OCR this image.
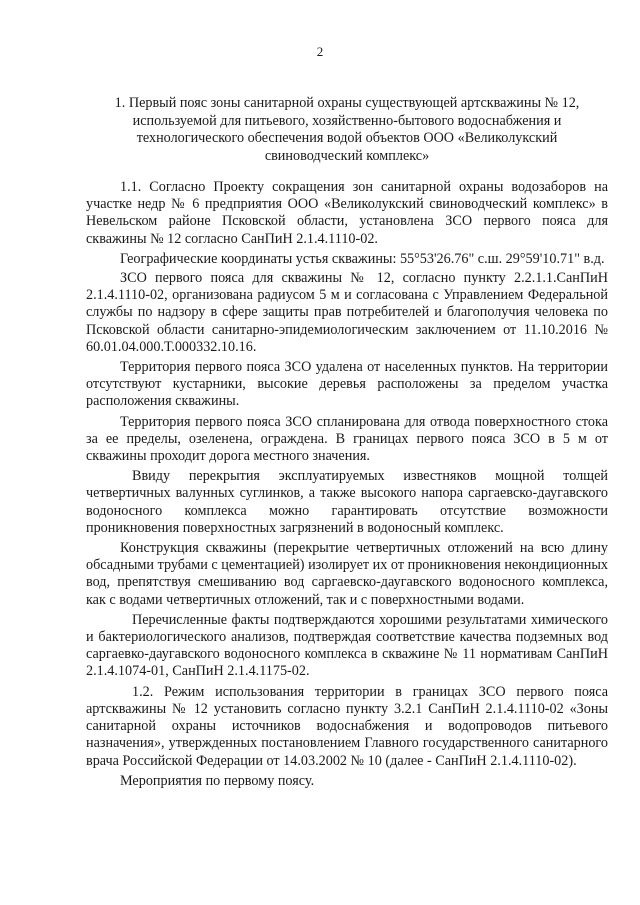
2

1. Первый пояс зоны санитарной охраны существующей артскважины № 12, используемой для питьевого, хозяйственно-бытового водоснабжения и технологического обеспечения водой объектов ООО «Великолукский свиноводческий комплекс»

1.1. Согласно Проекту сокращения зон санитарной охраны водозаборов на участке недр № 6 предприятия ООО «Великолукский свиноводческий комплекс» в Невельском районе Псковской области, установлена ЗСО первого пояса для скважины № 12 согласно СанПиН 2.1.4.1110-02.

Географические координаты устья скважины: 55°53'26.76" с.ш. 29°59'10.71" в.д.

ЗСО первого пояса для скважины № 12, согласно пункту 2.2.1.1.СанПиН 2.1.4.1110-02, организована радиусом 5 м и согласована с Управлением Федеральной службы по надзору в сфере защиты прав потребителей и благополучия человека по Псковской области санитарно-эпидемиологическим заключением от 11.10.2016 № 60.01.04.000.Т.000332.10.16.

Территория первого пояса ЗСО удалена от населенных пунктов. На территории отсутствуют кустарники, высокие деревья расположены за пределом участка расположения скважины.

Территория первого пояса ЗСО спланирована для отвода поверхностного стока за ее пределы, озеленена, ограждена. В границах первого пояса ЗСО в 5 м от скважины проходит дорога местного значения.

Ввиду перекрытия эксплуатируемых известняков мощной толщей четвертичных валунных суглинков, а также высокого напора саргаевско-даугавского водоносного комплекса можно гарантировать отсутствие возможности проникновения поверхностных загрязнений в водоносный комплекс.

Конструкция скважины (перекрытие четвертичных отложений на всю длину обсадными трубами с цементацией) изолирует их от проникновения некондиционных вод, препятствуя смешиванию вод саргаевско-даугавского водоносного комплекса, как с водами четвертичных отложений, так и с поверхностными водами.

Перечисленные факты подтверждаются хорошими результатами химического и бактериологического анализов, подтверждая соответствие качества подземных вод саргаевко-даугавского водоносного комплекса в скважине № 11 нормативам СанПиН 2.1.4.1074-01, СанПиН 2.1.4.1175-02.

1.2. Режим использования территории в границах ЗСО первого пояса артскважины № 12 установить согласно пункту 3.2.1 СанПиН 2.1.4.1110-02 «Зоны санитарной охраны источников водоснабжения и водопроводов питьевого назначения», утвержденных постановлением Главного государственного санитарного врача Российской Федерации от 14.03.2002 № 10 (далее - СанПиН 2.1.4.1110-02).

Мероприятия по первому поясу.
